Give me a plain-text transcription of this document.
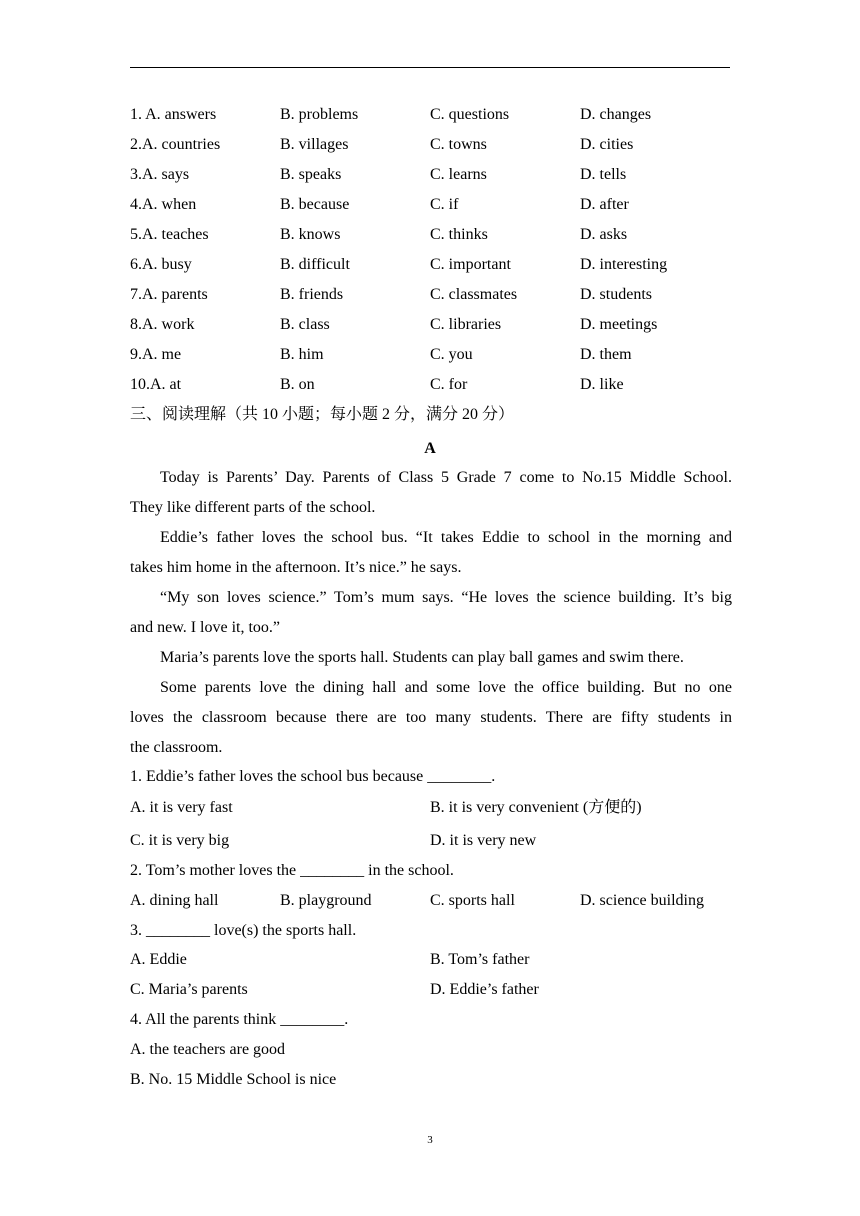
1. A. answers	B. problems	C. questions	D. changes
2.A. countries	B. villages	C. towns	D. cities
3.A. says	B. speaks	C. learns	D. tells
4.A. when	B. because	C. if	D. after
5.A. teaches	B. knows	C. thinks	D. asks
6.A. busy	B. difficult	C. important	D. interesting
7.A. parents	B. friends	C. classmates	D. students
8.A. work	B. class	C. libraries	D. meetings
9.A. me	B. him	C. you	D. them
10.A. at	B. on	C. for	D. like
三、阅读理解（共 10 小题；每小题 2 分，满分 20 分）
A
Today is Parents’ Day. Parents of Class 5 Grade 7 come to No.15 Middle School.
They like different parts of the school.
Eddie’s father loves the school bus. “It takes Eddie to school in the morning and
takes him home in the afternoon. It’s nice.” he says.
“My son loves science.” Tom’s mum says. “He loves the science building. It’s big
and new. I love it, too.”
Maria’s parents love the sports hall. Students can play ball games and swim there.
Some parents love the dining hall and some love the office building. But no one
loves the classroom because there are too many students. There are fifty students in
the classroom.
1. Eddie’s father loves the school bus because ________.
A. it is very fast	B. it is very convenient (方便的)
C. it is very big	D. it is very new
2. Tom’s mother loves the ________ in the school.
A. dining hall	B. playground	C. sports hall	D. science building
3. ________ love(s) the sports hall.
A. Eddie	B. Tom’s father
C. Maria’s parents	D. Eddie’s father
4. All the parents think ________.
A. the teachers are good
B. No. 15 Middle School is nice
3
